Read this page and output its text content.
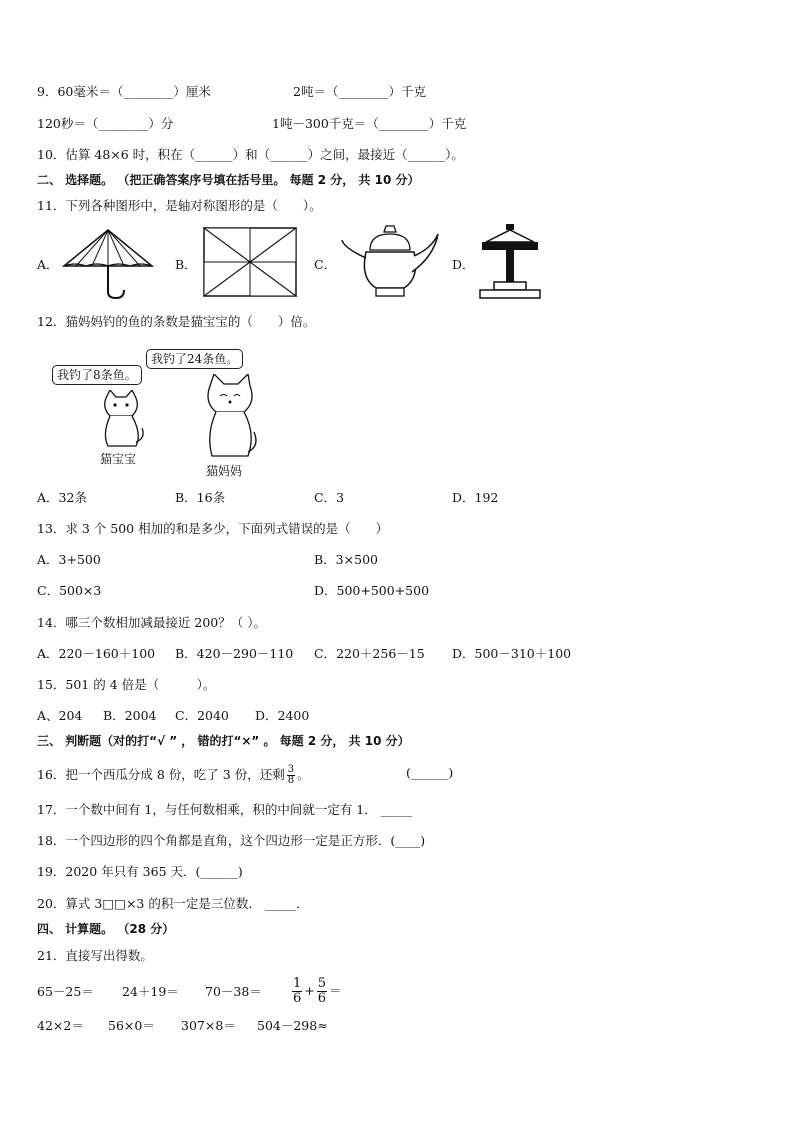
9．60毫米＝（________）厘米	2吨＝（________）千克
120秒＝（________）分	1吨－300千克＝（________）千克
10．估算 48×6 时，积在（______）和（______）之间，最接近（______）。
二、 选择题。 （把正确答案序号填在括号里。 每题 2 分， 共 10 分）
11．下列各种图形中，是轴对称图形的是（　　）。
A．	B．	C．	D．
12．猫妈妈钓的鱼的条数是猫宝宝的（　　）倍。
我钓了8条鱼。
我钓了24条鱼。
猫宝宝
猫妈妈
A．32条	B．16条	C．3	D．192
13．求 3 个 500 相加的和是多少，下面列式错误的是（　　）
A．3+500	B．3×500
C．500×3	D．500+500+500
14．哪三个数相加减最接近 200？（ ）。
A．220－160＋100 B．420－290－110 C．220＋256－15 D．500－310＋100
15．501 的 4 倍是（　　　）。
A、204 B．2004 C．2040 D．2400
三、 判断题（对的打“√ ” ， 错的打“×” 。 每题 2 分， 共 10 分）
16．把一个西瓜分成 8 份，吃了 3 份，还剩 $\frac{3}{8}$ 。	(______)
17．一个数中间有 1，与任何数相乘，积的中间就一定有 1． _____
18．一个四边形的四个角都是直角，这个四边形一定是正方形．(____)
19．2020 年只有 365 天．(______)
20．算式 3□□×3 的积一定是三位数． _____．
四、 计算题。 （28 分）
21．直接写出得数。
$65-25= 24+19= 70-38= \frac{1}{6} + \frac{5}{6}$ ＝
42×2＝ 56×0＝ 307×8＝ 504－298≈
